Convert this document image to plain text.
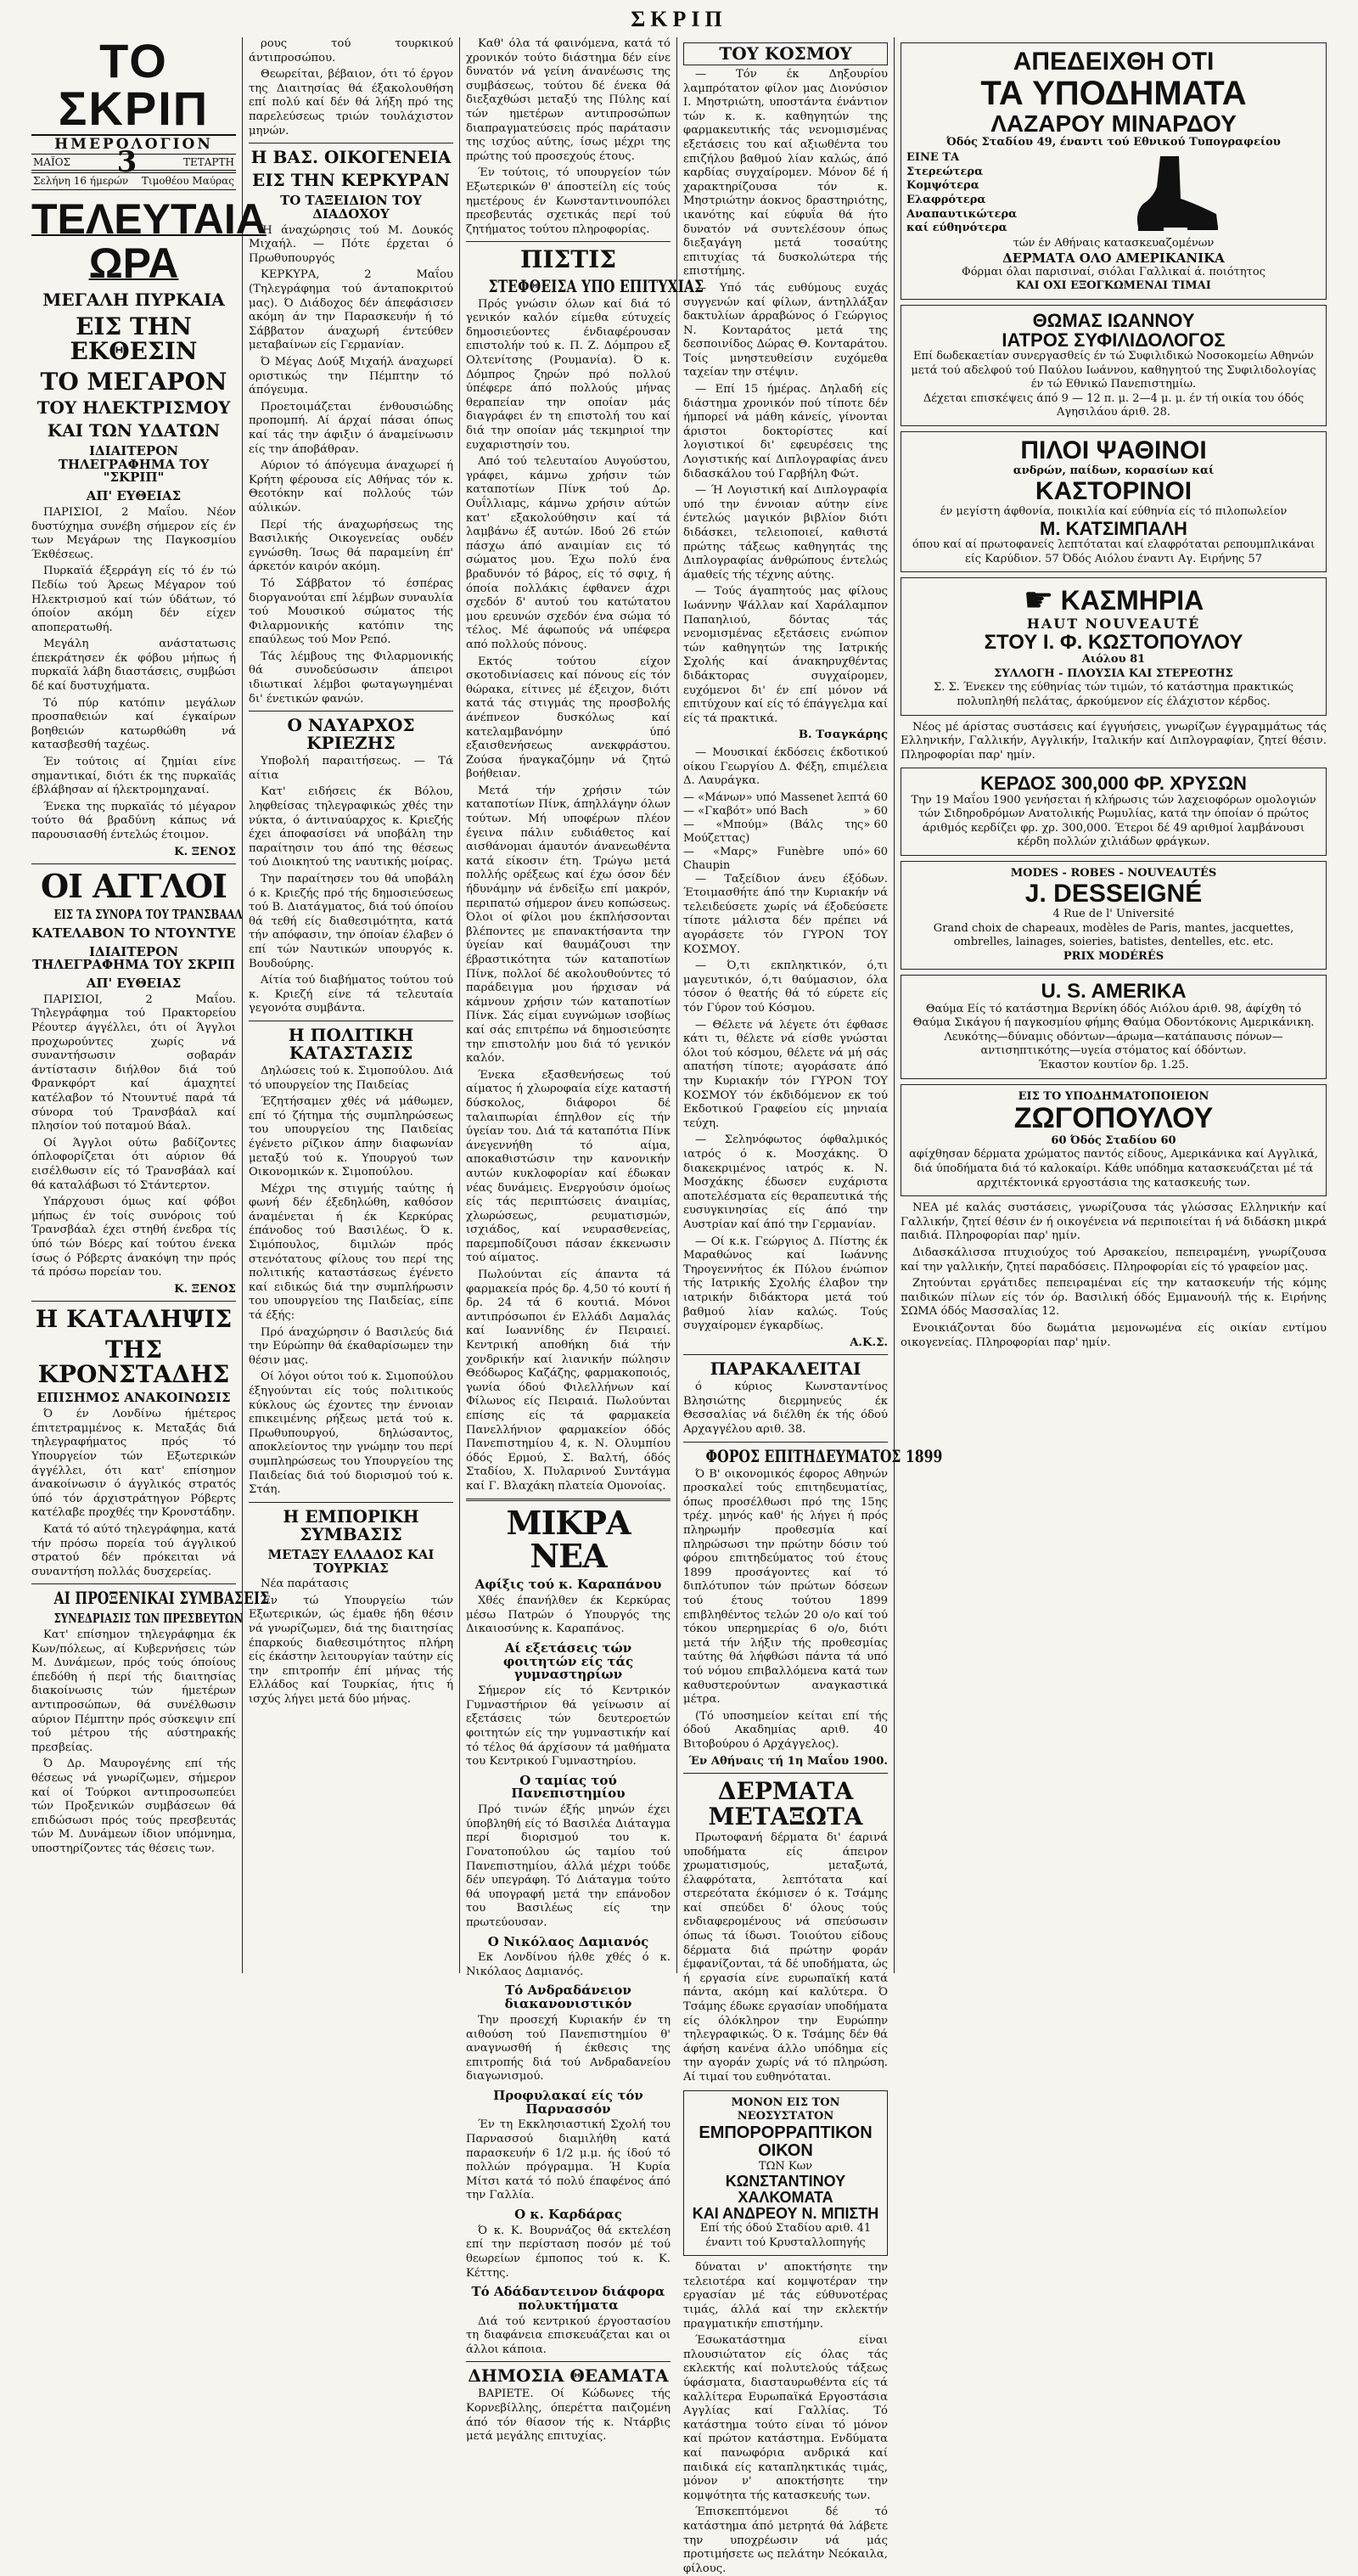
ΣΚΡΙΠ
ΤΟ ΣΚΡΙΠ
ΗΜΕΡΟΛΟΓΙΟΝ
ΜΑΪΟΣ 3	ΤΕΤΑΡΤΗ
Σελήνη 16 ήμερών Τιμοθέου Μαύρας
ΤΕΛΕΥΤΑΙΑ ΩΡΑ
ΜΕΓΑΛΗ ΠΥΡΚΑΙΑ
ΕΙΣ ΤΗΝ ΕΚΘΕΣΙΝ
ΤΟ ΜΕΓΑΡΟΝ
ΤΟΥ ΗΛΕΚΤΡΙΣΜΟΥ
ΚΑΙ ΤΩΝ ΥΔΑΤΩΝ
ΙΔΙΑΙΤΕΡΟΝ ΤΗΛΕΓΡΑΦΗΜΑ ΤΟΥ "ΣΚΡΙΠ"
ΑΠ' ΕΥΘΕΙΑΣ

ΠΑΡΙΣΙΟΙ, 2 Μαΐου. Νέον δυστύχημα συνέβη σήμερον είς έν των Μεγάρων της Παγκοσμίου Έκθέσεως.

Πυρκαϊά έξερράγη είς τό έν τώ Πεδίω τού Άρεως Μέγαρον τού Ηλεκτρισμού καί τών ύδάτων, τό όποίον ακόμη δέν είχεν αποπερατωθή.

Μεγάλη ανάστατωσις έπεκράτησεν έκ φόβου μήπως ή πυρκαϊά λάβη διαστάσεις, συμβώσι δέ καί δυστυχήματα.

Τό πύρ κατόπιν μεγάλων προσπαθειών καί έγκαίρων βοηθειών κατωρθώθη νά κατασβεσθή ταχέως.

Έν τούτοις αί ζημίαι είνε σημαντικαί, διότι έκ της πυρκαϊάς έβλάβησαν αί ήλεκτρομηχαναί.

Ένεκα της πυρκαϊάς τό μέγαρον τούτο θά βραδύνη κάπως νά παρουσιασθή έντελώς έτοιμον.

Κ. ΞΕΝΟΣ
ΟΙ ΑΓΓΛΟΙ
ΕΙΣ ΤΑ ΣΥΝΟΡΑ ΤΟΥ ΤΡΑΝΣΒΑΑΛ
ΚΑΤΕΛΑΒΟΝ ΤΟ ΝΤΟΥΝΤΥΕ
ΙΔΙΑΙΤΕΡΟΝ ΤΗΛΕΓΡΑΦΗΜΑ ΤΟΥ ΣΚΡΙΠ
ΑΠ' ΕΥΘΕΙΑΣ

ΠΑΡΙΣΙΟΙ, 2 Μαΐου. Τηλεγράφημα τού Πρακτορείου Ρέουτερ άγγέλλει, ότι οί Άγγλοι προχωρούντες χωρίς νά συναντήσωσιν σοβαράν άντίστασιν διήλθον διά τού Φρανκφόρτ καί άμαχητεί κατέλαβον τό Ντουντυέ παρά τά σύνορα τού Τρανσβάαλ καί πλησίον τού ποταμού Βάαλ.

Οί Άγγλοι ούτω βαδίζοντες όπλοφορίζεται ότι αύριον θά εισέλθωσιν είς τό Τρανσβάαλ καί θά καταλάβωσι τό Στάντερτον.

Υπάρχουσι όμως καί φόβοι μήπως έν τοίς συνόροις τού Τρανσβάαλ έχει στηθή ένεδρα τίς ύπό τών Βόερς καί τούτου ένεκα ίσως ό Ρόβερτς άνακόψη την πρός τά πρόσω πορείαν του.

Κ. ΞΕΝΟΣ
Η ΚΑΤΑΛΗΨΙΣ
ΤΗΣ ΚΡΟΝΣΤΑΔΗΣ
ΕΠΙΣΗΜΟΣ ΑΝΑΚΟΙΝΩΣΙΣ

Ό έν Λονδίνω ήμέτερος έπιτετραμμένος κ. Μεταξάς διά τηλεγραφήματος πρός τό Υπουργείον τών Εξωτερικών άγγέλλει, ότι κατ' επίσημον άνακοίνωσιν ό άγγλικός στρατός ύπό τόν άρχιστράτηγον Ρόβερτς κατέλαβε προχθές την Κρονστάδην.

Κατά τό αύτό τηλεγράφημα, κατά τήν πρόσω πορεία τού άγγλικού στρατού δέν πρόκειται νά συναντήση πολλάς δυσχερείας.

ΑΙ ΠΡΟΞΕΝΙΚΑΙ ΣΥΜΒΑΣΕΙΣ
ΣΥΝΕΔΡΙΑΣΙΣ ΤΩΝ ΠΡΕΣΒΕΥΤΩΝ

Κατ' επίσημον τηλεγράφημα έκ Κων/πόλεως, αί Κυβερνήσεις τών Μ. Δυνάμεων, πρός τούς όποίους έπεδόθη ή περί τής διαιτησίας διακοίνωσις τών ήμετέρων αντιπροσώπων, θά συνέλθωσιν αύριον Πέμπτην πρός σύσκεψιν επί τού μέτρου τής αύστηρακής πρεσβείας.

Ό Δρ. Μαυρογένης επί τής θέσεως νά γνωρίζωμεν, σήμερον καί οί Τούρκοι αντιπροσωπεύει τών Προξενικών συμβάσεων θά επιδώσωσι πρός τούς πρεσβευτάς τών Μ. Δυνάμεων ίδιον υπόμνημα, υποστηρίζοντες τάς θέσεις των.

ρους τού τουρκικού άντιπροσώπου.

Θεωρείται, βέβαιον, ότι τό έργον της Διαιτησίας θά έξακολουθήση επί πολύ καί δέν θά λήξη πρό της παρελεύσεως τριών τουλάχιστον μηνών.

Η ΒΑΣ. ΟΙΚΟΓΕΝΕΙΑ
ΕΙΣ ΤΗΝ ΚΕΡΚΥΡΑΝ
ΤΟ ΤΑΞΕΙΔΙΟΝ ΤΟΥ ΔΙΑΔΟΧΟΥ

Ή άναχώρησις τού Μ. Δουκός Μιχαήλ. — Πότε έρχεται ό Πρωθυπουργός

ΚΕΡΚΥΡΑ, 2 Μαΐου (Τηλεγράφημα τού άνταποκριτού μας). Ό Διάδοχος δέν άπεφάσισεν ακόμη άν την Παρασκευήν ή τό Σάββατον άναχωρή έντεύθεν μεταβαίνων είς Γερμανίαν.

Ό Μέγας Δούξ Μιχαήλ άναχωρεί οριστικώς την Πέμπτην τό άπόγευμα.

Προετοιμάζεται ένθουσιώδης προπομπή. Αί άρχαί πάσαι όπως καί τάς την άφιξιν ό άναμείνωσιν είς την άποβάθραν.

Αύριον τό άπόγευμα άναχωρεί ή Κρήτη φέρουσα είς Αθήνας τόν κ. Θεοτόκην καί πολλούς τών αύλικών.

Περί τής άναχωρήσεως της Βασιλικής Οικογενείας ουδέν εγνώσθη. Ίσως θά παραμείνη έπ' άρκετόν καιρόν ακόμη.

Τό Σάββατον τό έσπέρας διοργανούται επί λέμβων συναυλία τού Μουσικού σώματος τής Φιλαρμονικής κατόπιν της επαύλεως τού Μον Ρεπό.

Τάς λέμβους της Φιλαρμονικής θά συνοδεύσωσιν άπειροι ιδιωτικαί λέμβοι φωταγωγημέναι δι' ένετικών φανών.

Ο ΝΑΥΑΡΧΟΣ ΚΡΙΕΖΗΣ

Υποβολή παραιτήσεως. — Τά αίτια

Κατ' ειδήσεις έκ Βόλου, ληφθείσας τηλεγραφικώς χθές την νύκτα, ό άντιναύαρχος κ. Κριεζής έχει άποφασίσει νά υποβάλη την παραίτησιν του άπό της θέσεως τού Διοικητού της ναυτικής μοίρας.

Την παραίτησεν του θά υποβάλη ό κ. Κριεζής πρό τής δημοσιεύσεως τού Β. Διατάγματος, διά τού όποίου θά τεθή είς διαθεσιμότητα, κατά τήν απόφασιν, την όποίαν έλαβεν ό επί τών Ναυτικών υπουργός κ. Βουδούρης.

Αίτία τού διαβήματος τούτου τού κ. Κριεζή είνε τά τελευταία γεγονότα συμβάντα.

Η ΠΟΛΙΤΙΚΗ ΚΑΤΑΣΤΑΣΙΣ

Δηλώσεις τού κ. Σιμοπούλου. Διά τό υπουργείον της Παιδείας

Έζητήσαμεν χθές νά μάθωμεν, επί τό ζήτημα τής συμπληρώσεως του υπουργείου της Παιδείας έγένετο ρίζικον άπην διαφωνίαν μεταξύ τού κ. Υπουργού των Οικονομικών κ. Σιμοπούλου.

Μέχρι της στιγμής ταύτης ή φωνή δέν έξεδηλώθη, καθόσον άναμένεται ή έκ Κερκύρας έπάνοδος τού Βασιλέως. Ό κ. Σιμόπουλος, διμιλών πρός στενότατους φίλους του περί της πολιτικής καταστάσεως έγένετο καί ειδικώς διά την συμπλήρωσιν του υπουργείου της Παιδείας, είπε τά έξής:

Πρό άναχώρησιν ό Βασιλεύς διά την Εύρώπην θά έκαθαρίσωμεν την θέσιν μας.

Οί λόγοι ούτοι τού κ. Σιμοπούλου έξηγούνται είς τούς πολιτικούς κύκλους ώς έχοντες την έννοιαν επικειμένης ρήξεως μετά τού κ. Πρωθυπουργού, δηλώσαντος, αποκλείοντος την γνώμην του περί συμπληρώσεως του Υπουργείου της Παιδείας διά τού διορισμού τού κ. Στάη.

Η ΕΜΠΟΡΙΚΗ ΣΥΜΒΑΣΙΣ
ΜΕΤΑΞΥ ΕΛΛΑΔΟΣ ΚΑΙ ΤΟΥΡΚΙΑΣ

Νέα παράτασις

Έν τώ Υπουργείω τών Εξωτερικών, ώς έμαθε ήδη θέσιν νά γνωρίζωμεν, διά της διαιτησίας έπαρκούς διαθεσιμότητος πλήρη είς έκάστην λειτουργίαν ταύτην είς την επιτροπήν έπί μήνας τής Ελλάδος καί Τουρκίας, ήτις ή ισχύς λήγει μετά δύο μήνας.

Καθ' όλα τά φαινόμενα, κατά τό χρονικόν τούτο διάστημα δέν είνε δυνατόν νά γείνη άνανέωσις της συμβάσεως, τούτου δέ ένεκα θά διεξαχθώσι μεταξύ της Πύλης καί τών ημετέρων αντιπροσώπων διαπραγματεύσεις πρός παράτασιν της ισχύος αύτης, ίσως μέχρι της πρώτης τού προσεχούς έτους.

Έν τούτοις, τό υπουργείον τών Εξωτερικών θ' άποστείλη είς τούς ημετέρους έν Κωνσταντινουπόλει πρεσβευτάς σχετικάς περί τού ζητήματος τούτου πληροφορίας.

ΠΙΣΤΙΣ
ΣΤΕΦΘΕΙΣΑ ΥΠΟ ΕΠΙΤΥΧΙΑΣ

Πρός γνώσιν όλων καί διά τό γενικόν καλόν είμεθα εύτυχείς δημοσιεύοντες ένδιαφέρουσαν επιστολήν τού κ. Π. Ζ. Δόμπρου εξ Ολτενίτσης (Ρουμανία). Ό κ. Δόμπρος ζηρών πρό πολλού ύπέφερε άπό πολλούς μήνας θεραπείαν την οποίαν μάς διαγράφει έν τη επιστολή του καί διά την οποίαν μάς τεκμηριοί την ευχαριστησίν του.

Από τού τελευταίου Αυγούστου, γράφει, κάμνω χρήσιν τών καταποτίων Πίνκ τού Δρ. Ουΐλλιαμς, κάμνω χρήσιν αύτών κατ' εξακολούθησιν καί τά λαμβάνω έξ αυτών. Ιδού 26 ετών πάσχω άπό αναιμίαν εις τό σώματος μου. Έχω πολύ ένα βραδυνόν τό βάρος, είς τό σφιχ, ή όποία πολλάκις έφθανεν άχρι σχεδόν δ' αυτού του κατώτατου μου ερευνών σχεδόν ένα σώμα τό τέλος. Μέ άφωπούς νά υπέφερα από πολλούς πόνους.

Εκτός τούτου είχον σκοτοδινίασεις καί πόνους είς τόν θώρακα, είτινες μέ έξειχον, διότι κατά τάς στιγμάς της προσβολής άνέπνεον δυσκόλως καί κατελαμβανόμην ύπό εξαισθενήσεως ανεκφράστου. Ζούσα ήναγκαζόμην νά ζητώ βοήθειαν.

Μετά τήν χρήσιν τών καταποτίων Πίνκ, άπηλλάγην όλων τούτων. Μή υποφέρων πλέον έγεινα πάλιν ευδιάθετος καί αισθάνομαι άμαυτόν άνανεωθέντα κατά είκοσιν έτη. Τρώγω μετά πολλής ορέξεως καί έχω όσον δέν ήδυνάμην νά ένδείξω επί μακρόν, περιπατώ σήμερον άνευ κοπώσεως. Όλοι οί φίλοι μου έκπλήσσονται βλέποντες με επανακτήσαντα την ύγείαν καί θαυμάζουσι την έβραστικότητα τών καταποτίων Πίνκ, πολλοί δέ ακολουθούντες τό παράδειγμα μου ήρχισαν νά κάμνουν χρήσιν τών καταποτίων Πίνκ. Σάς είμαι ευγνώμων ισοβίως καί σάς επιτρέπω νά δημοσιεύσητε την επιστολήν μου διά τό γενικόν καλόν.

Ένεκα εξασθενήσεως τού αίματος ή χλωροφαία είχε καταστή δύσκολος, διάφοροι δέ ταλαιπωρίαι έπηλθον είς τήν ύγείαν του. Διά τά καταπότια Πίνκ άνεγεννήθη τό αίμα, αποκαθιστώσιν την κανονικήν αυτών κυκλοφορίαν καί έδωκαν νέας δυνάμεις. Ενεργούσιν όμοίως είς τάς περιπτώσεις άναιμίας, χλωρώσεως, ρευματισμών, ισχιάδος, καί νευρασθενείας, παρεμποδίζουσι πάσαν έκκενωσιν τού αίματος.

Πωλούνται είς άπαντα τά φαρμακεία πρός δρ. 4,50 τό κουτί ή δρ. 24 τά 6 κουτιά. Μόνοι αντιπρόσωποι έν Ελλάδι Δαμαλάς καί Ιωαννίδης έν Πειραιεί. Κεντρική αποθήκη διά τήν χονδρικήν καί λιανικήν πώλησιν Θεόδωρος Καζάζης, φαρμακοποιός, γωνία όδού Φιλελλήνων καί Φίλωνος είς Πειραιά. Πωλούνται επίσης είς τά φαρμακεία Πανελλήνιον φαρμακείον όδός Πανεπιστημίου 4, κ. Ν. Ολυμπίου όδός Ερμού, Σ. Βαλτή, όδός Σταδίου, Χ. Πυλαρινού Συντάγμα καί Γ. Βλαχάκη πλατεία Ομονοίας.

ΜΙΚΡΑ ΝΕΑ
Αφίξις τού κ. Καραπάνου

Χθές έπανήλθεν έκ Κερκύρας μέσω Πατρών ό Υπουργός της Δικαιοσύνης κ. Καραπάνος.

Αί εξετάσεις τών φοιτητών είς τάς γυμναστηρίων

Σήμερον είς τό Κεντρικόν Γυμναστήριον θά γείνωσιν αί εξετάσεις τών δευτεροετών φοιτητών είς την γυμναστικήν καί τό τέλος θά άρχίσουν τά μαθήματα του Κεντρικού Γυμναστηρίου.

Ο ταμίας τού Πανεπιστημίου

Πρό τινών έξής μηνών έχει ύποβληθή είς τό Βασιλέα Διάταγμα περί διορισμού του κ. Γονατοπούλου ώς ταμίου τού Πανεπιστημίου, άλλά μέχρι τούδε δέν υπεγράφη. Τό Διάταγμα τούτο θά υπογραφή μετά την επάνοδον του Βασιλέως είς την πρωτεύουσαν.

Ο Νικόλαος Δαμιανός

Εκ Λονδίνου ήλθε χθές ό κ. Νικόλαος Δαμιανός.

Τό Ανδραδάνειον διακανονιστικόν

Την προσεχή Κυριακήν έν τη αιθούση τού Πανεπιστημίου θ' αναγνωσθή ή έκθεσις της επιτροπής διά τού Ανδραδανείου διαγωνισμού.

Προφυλακαί είς τόν Παρνασσόν

Έν τη Εκκλησιαστική Σχολή του Παρνασσού διαμιλήθη κατά παρασκευήν 6 1/2 μ.μ. ής ίδού τό πολλών πρόγραμμα. Ή Κυρία Μίτσι κατά τό πολύ έπαφένος άπό την Γαλλία.

Ο κ. Καρδάρας

Ό κ. Κ. Βουρνάζος θά εκτελέση επί την περίσταση ποσόν μέ τού θεωρείων έμποπος τού κ. Κ. Κέττης.

Τό Αδάδαντεινον διάφορα πολυκτήματα

Διά τού κεντρικού έργοστασίου τη διαφάνεια επισκευάζεται και οι άλλοι κάποια.

ΔΗΜΟΣΙΑ ΘΕΑΜΑΤΑ

ΒΑΡΙΕΤΕ. Οί Κώδωνες τής Κορνεβίλλης, όπερέττα παιζομένη άπό τόν θίασον τής κ. Ντάρβις μετά μεγάλης επιτυχίας.

ΤΟΥ ΚΟΣΜΟΥ

— Τόν έκ Δηξουρίου λαμπρότατον φίλον μας Διονύσιον Ι. Μηστριώτη, υποστάντα ένάντιον τών κ. κ. καθηγητών της φαρμακευτικής τάς νενομισμένας εξετάσεις του καί αξιωθέντα του επιζήλου βαθμού λίαν καλώς, άπό καρδίας συγχαίρομεν. Μόνον δέ ή χαρακτηρίζουσα τόν κ. Μηστριώτην άοκνος δραστηριότης, ικανότης καί εύφυΐα θά ήτο δυνατόν νά συντελέσουν όπως διεξαγάγη μετά τοσαύτης επιτυχίας τά δυσκολώτερα τής επιστήμης.

— Υπό τάς ευθύμους ευχάς συγγενών καί φίλων, άντηλλάξαν δακτυλίων άρραβώνος ό Γεώργιος Ν. Κονταράτος μετά της δεσποινίδος Δώρας Θ. Κονταράτου. Τοίς μνηστευθείσιν ευχόμεθα ταχείαν την στέψιν.

— Επί 15 ήμέρας. Δηλαδή είς διάστημα χρονικόν πού τίποτε δέν ήμπορεί νά μάθη κάνείς, γίνονται άριστοι δοκτορίστες καί λογιστικοί δι' εφευρέσεις της Λογιστικής καί Διπλογραφίας άνευ διδασκάλου τού Γαρβήλη Φώτ.

— Ή Λογιστική καί Διπλογραφία υπό την έννοιαν αύτην είνε έντελώς μαγικόν βιβλίον διότι διδάσκει, τελειοποιεί, καθιστά πρώτης τάξεως καθηγητάς της Διπλογραφίας άνθρώπους έντελώς άμαθείς τής τέχνης αύτης.

— Τούς άγαπητούς μας φίλους Ιωάννην Ψάλλαν καί Χαράλαμπον Παπαηλιού, δόντας τάς νενομισμένας εξετάσεις ενώπιον τών καθηγητών της Ιατρικής Σχολής καί άνακηρυχθέντας διδάκτορας συγχαίρομεν, ευχόμενοι δι' έν επί μόνον νά επιτύχουν καί είς τό έπάγγελμα καί είς τά πρακτικά.

Β. Τσαγκάρης

— Μουσικαί έκδόσεις έκδοτικού οίκου Γεωργίου Δ. Φέξη, επιμέλεια Δ. Λαυράγκα.

— «Μάνων» υπό Massenet λεπτά 60
— «Γκαβότ» υπό Bach	» 60
— «Μπούμ» (Βάλς της Μούζεττας)
» 60
— «Μαρς» Funèbre υπό Chaupin
» 60

— Ταξείδιον άνευ έξόδων. Έτοιμασθήτε άπό την Κυριακήν νά τελειδεύσετε χωρίς νά έξοδεύσετε τίποτε μάλιστα δέν πρέπει νά αγοράσετε τόν ΓΥΡΟΝ ΤΟΥ ΚΟΣΜΟΥ.

— Ό,τι εκπληκτικόν, ό,τι μαγευτικόν, ό,τι θαύμασιον, όλα τόσον ό θεατής θά τό εύρετε είς τόν Γύρον τού Κόσμου.

— Θέλετε νά λέγετε ότι έφθασε κάτι τι, θέλετε νά είσθε γνώσται όλοι τού κόσμου, θέλετε νά μή σάς απατήση τίποτε; αγοράσατε άπό την Κυριακήν τόν ΓΥΡΟΝ ΤΟΥ ΚΟΣΜΟΥ τόν έκδιδόμενον εκ τού Εκδοτικού Γραφείου είς μηνιαία τεύχη.

— Σεληνόφωτος όφθαλμικός ιατρός ό κ. Μοσχάκης. Ό διακεκριμένος ιατρός κ. Ν. Μοσχάκης έδωσεν ευχάριστα αποτελέσματα είς θεραπευτικά τής ευσυγκινησίας είς άπό την Αυστρίαν καί άπό την Γερμανίαν.

— Οί κ.κ. Γεώργιος Δ. Πίστης έκ Μαραθώνος καί Ιωάννης Τηρογεννήτος έκ Πύλου ένώπιον τής Ιατρικής Σχολής έλαβον την ιατρικήν διδάκτορα μετά τού βαθμού λίαν καλώς. Τούς συγχαίρομεν έγκαρδίως.

Α.Κ.Σ.
ΠΑΡΑΚΑΛΕΙΤΑΙ

ό κύριος Κωνσταντίνος Βλησιώτης διερμηνεύς έκ Θεσσαλίας νά διέλθη έκ τής όδού Αρχαγγέλου αριθ. 38.

ΦΟΡΟΣ ΕΠΙΤΗΔΕΥΜΑΤΟΣ 1899

Ό Β' οικονομικός έφορος Αθηνών προσκαλεί τούς επιτηδευματίας, όπως προσέλθωσι πρό της 15ης τρέχ. μηνός καθ' ής λήγει ή πρός πληρωμήν προθεσμία καί πληρώσωσι την πρώτην δόσιν τού φόρου επιτηδεύματος τού έτους 1899 προσάγοντες καί τό διπλότυπον τών πρώτων δόσεων τού έτους τούτου 1899 επιβληθέντος τελών 20 ο/ο καί τού τόκου υπερημερίας 6 ο/ο, διότι μετά τήν λήξιν τής προθεσμίας ταύτης θά λήφθώσι πάντα τά υπό τού νόμου επιβαλλόμενα κατά των καθυστερούντων αναγκαστικά μέτρα.

(Τό υποσημείον κείται επί τής όδού Ακαδημίας αριθ. 40 Βιτοβούρου ό Αρχάγγελος).

Έν Αθήναις τή 1η Μαΐου 1900.
ΔΕΡΜΑΤΑ ΜΕΤΑΞΩΤΑ

Πρωτοφανή δέρματα δι' έαρινά υποδήματα είς άπειρον χρωματισμούς, μεταξωτά, έλαφρότατα, λεπτότατα καί στερεότατα έκόμισεν ό κ. Τσάμης καί σπεύδει δ' όλους τούς ενδιαφερομένους νά σπεύσωσιν όπως τά ίδωσι. Τοιούτου είδους δέρματα διά πρώτην φοράν έμφανίζονται, τά δέ υποδήματα, ώς ή εργασία είνε ευρωπαϊκή κατά πάντα, ακόμη καί καλύτερα. Ό Τσάμης έδωκε εργασίαν υποδήματα είς όλόκληρον την Ευρώπην τηλεγραφικώς. Ό κ. Τσάμης δέν θά άφήση κανένα άλλο υπόδημα είς την αγοράν χωρίς νά τό πληρώση. Αί τιμαί του ευθηνόταται.

ΜΟΝΟΝ ΕΙΣ ΤΟΝ ΝΕΟΣΥΣΤΑΤΟΝ
ΕΜΠΟΡΟΡΡΑΠΤΙΚΟΝ ΟΙΚΟΝ
ΤΩΝ Κων
ΚΩΝΣΤΑΝΤΙΝΟΥ ΧΑΛΚΟΜΑΤΑ
ΚΑΙ ΑΝΔΡΕΟΥ Ν. ΜΠΙΣΤΗ
Επί τής όδού Σταδίου αριθ. 41 έναντι τού Κρυσταλλοπηγής

δύναται ν' αποκτήσητε την τελειοτέρα καί κομψοτέραν την εργασίαν μέ τάς εύθυνοτέρας τιμάς, άλλά καί την εκλεκτήν πραγματικήν επιστήμην.

Έσωκατάστημα είναι πλουσιώτατον είς όλας τάς εκλεκτής καί πολυτελούς τάξεως ύφάσματα, διασταυρωθέντα είς τά καλλίτερα Ευρωπαϊκά Εργοστάσια Αγγλίας καί Γαλλίας. Τό κατάστημα τούτο είναι τό μόνον καί πρώτον κατάστημα. Ενδύματα καί πανωφόρια ανδρικά καί παιδικά είς καταπληκτικάς τιμάς, μόνον ν' αποκτήσητε την κομψότητα τής κατασκευής των.

Έπισκεπτόμενοι δέ τό κατάστημα άπό μετρητά θά λάβετε την υποχρέωσιν νά μάς προτιμήσετε ως πελάτην Νεόκαιλα, φίλους.

ΑΠΕΔΕΙΧΘΗ ΟΤΙ
ΤΑ ΥΠΟΔΗΜΑΤΑ
ΛΑΖΑΡΟΥ ΜΙΝΑΡΔΟΥ
Όδός Σταδίου 49, έναντι τού Εθνικού Τυπογραφείου
ΕΙΝΕ ΤΑ
Στερεώτερα
Κομψότερα
Ελαφρότερα
Αναπαυτικώτερα
καί εύθηνότερα
τών έν Αθήναις κατασκευαζομένων
ΔΕΡΜΑΤΑ ΟΛΟ ΑΜΕΡΙΚΑΝΙΚΑ
Φόρμαι όλαι παρισιναί, σιόλαι Γαλλικαί ά. ποιότητος
ΚΑΙ ΟΧΙ ΕΞΟΓΚΩΜΕΝΑΙ ΤΙΜΑΙ
ΘΩΜΑΣ ΙΩΑΝΝΟΥ
ΙΑΤΡΟΣ ΣΥΦΙΛΙΔΟΛΟΓΟΣ
Επί δωδεκαετίαν συνεργασθείς έν τώ Συφιλιδικώ Νοσοκομείω Αθηνών μετά τού αδελφού τού Παύλου Ιωάννου, καθηγητού της Συφιλιδολογίας έν τώ Εθνικώ Πανεπιστημίω.
Δέχεται επισκέψεις άπό 9 — 12 π. μ. 2—4 μ. μ. έν τή οικία του όδός Αγησιλάου άριθ. 28.
ΠΙΛΟΙ ΨΑΘΙΝΟΙ
ανδρών, παίδων, κορασίων καί
ΚΑΣΤΟΡΙΝΟΙ
έν μεγίστη άφθονία, ποικιλία καί εύθηνία είς τό πιλοπωλείον
Μ. ΚΑΤΣΙΜΠΑΛΗ
όπου καί αί πρωτοφανείς λεπτόταται καί ελαφρόταται ρεπουμπλικάναι είς Καρύδιον. 57 Όδός Αιόλου έναντι Αγ. Ειρήνης 57
☛ ΚΑΣΜΗΡΙΑ
HAUT NOUVEAUTÉ
ΣΤΟΥ Ι. Φ. ΚΩΣΤΟΠΟΥΛΟΥ
Αιόλου 81
ΣΥΛΛΟΓΗ - ΠΛΟΥΣΙΑ ΚΑΙ ΣΤΕΡΕΟΤΗΣ
Σ. Σ. Ένεκεν της εύθηνίας τών τιμών, τό κατάστημα πρακτικώς πολυπληθή πελάτας, άρκούμενον είς έλάχιστον κέρδος.

Νέος μέ άρίστας συστάσεις καί έγγυήσεις, γνωρίζων έγγραμμάτως τάς Ελληνικήν, Γαλλικήν, Αγγλικήν, Ιταλικήν καί Διπλογραφίαν, ζητεί θέσιν. Πληροφορίαι παρ' ημίν.

ΚΕΡΔΟΣ 300,000 ΦΡ. ΧΡΥΣΩΝ
Την 19 Μαΐου 1900 γενήσεται ή κλήρωσις τών λαχειοφόρων ομολογιών τών Σιδηροδρόμων Ανατολικής Ρωμυλίας, κατά την όποίαν ό πρώτος άριθμός κερδίζει φρ. χρ. 300,000. Έτεροι δέ 49 αριθμοί λαμβάνουσι κέρδη πολλών χιλιάδων φράγκων.
MODES - ROBES - NOUVEAUTÉS
J. DESSEIGNÉ
4 Rue de l' Université
Grand choix de chapeaux, modèles de Paris, mantes, jacquettes, ombrelles, lainages, soieries, batistes, dentelles, etc. etc.
PRIX MODÉRÉS
U. S. AMERIKA
Θαύμα Είς τό κατάστημα Βερνίκη όδός Αιόλου άριθ. 98, άφίχθη τό Θαύμα Σικάγου ή παγκοσμίου φήμης Θαύμα Οδοντόκονις Αμερικάνικη.
Λευκότης—δύναμις οδόντων—άρωμα—κατάπαυσις πόνων—αντισηπτικότης—υγεία στόματος καί όδόντων.
Έκαστον κουτίον δρ. 1.25.
ΕΙΣ ΤΟ ΥΠΟΔΗΜΑΤΟΠΟΙΕΙΟΝ
ΖΩΓΟΠΟΥΛΟΥ
60 Όδός Σταδίου 60
αφίχθησαν δέρματα χρώματος παντός είδους, Αμερικάνικα καί Αγγλικά, διά ύποδήματα διά τό καλοκαίρι. Κάθε υπόδημα κατασκευάζεται μέ τά αρχιτέκτονικά εργοστάσια της κατασκευής των.

ΝΕΑ μέ καλάς συστάσεις, γνωρίζουσα τάς γλώσσας Ελληνικήν καί Γαλλικήν, ζητεί θέσιν έν ή οικογένεια νά περιποιείται ή νά διδάσκη μικρά παιδιά. Πληροφορίαι παρ' ημίν.

Διδασκάλισσα πτυχιούχος τού Αρσακείου, πεπειραμένη, γνωρίζουσα καί την γαλλικήν, ζητεί παραδόσεις. Πληροφορίαι είς τό γραφείον μας.

Ζητούνται εργάτιδες πεπειραμέναι είς την κατασκευήν τής κόμης παιδικών πίλων είς τόν όρ. Βασιλική όδός Εμμανουήλ τής κ. Ειρήνης ΣΩΜΑ όδός Μασσαλίας 12.

Ενοικιάζονται δύο δωμάτια μεμονωμένα είς οικίαν εντίμου οικογενείας. Πληροφορίαι παρ' ημίν.
